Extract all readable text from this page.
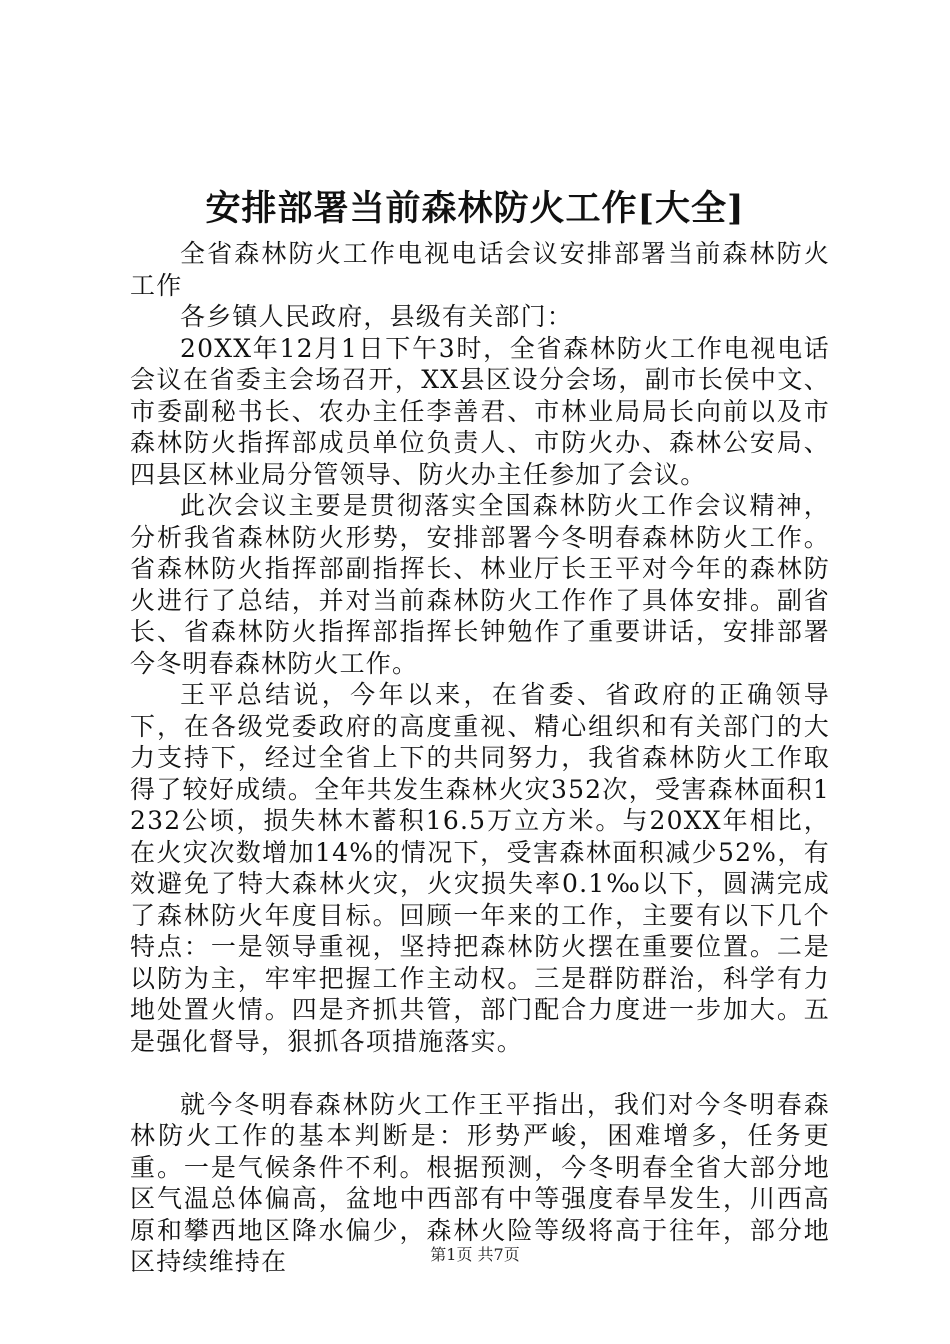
安排部署当前森林防火工作[大全]

全省森林防火工作电视电话会议安排部署当前森林防火工作

各乡镇人民政府，县级有关部门：

20XX年12月1日下午3时，全省森林防火工作电视电话会议在省委主会场召开，XX县区设分会场，副市长侯中文、市委副秘书长、农办主任李善君、市林业局局长向前以及市森林防火指挥部成员单位负责人、市防火办、森林公安局、四县区林业局分管领导、防火办主任参加了会议。

此次会议主要是贯彻落实全国森林防火工作会议精神，分析我省森林防火形势，安排部署今冬明春森林防火工作。省森林防火指挥部副指挥长、林业厅长王平对今年的森林防火进行了总结，并对当前森林防火工作作了具体安排。副省长、省森林防火指挥部指挥长钟勉作了重要讲话，安排部署今冬明春森林防火工作。

王平总结说，今年以来，在省委、省政府的正确领导下，在各级党委政府的高度重视、精心组织和有关部门的大力支持下，经过全省上下的共同努力，我省森林防火工作取得了较好成绩。全年共发生森林火灾352次，受害森林面积1232公顷，损失林木蓄积16.5万立方米。与20XX年相比，在火灾次数增加14%的情况下，受害森林面积减少52%，有效避免了特大森林火灾，火灾损失率0.1‰以下，圆满完成了森林防火年度目标。回顾一年来的工作，主要有以下几个特点：一是领导重视，坚持把森林防火摆在重要位置。二是以防为主，牢牢把握工作主动权。三是群防群治，科学有力地处置火情。四是齐抓共管，部门配合力度进一步加大。五是强化督导，狠抓各项措施落实。

就今冬明春森林防火工作王平指出，我们对今冬明春森林防火工作的基本判断是：形势严峻，困难增多，任务更重。一是气候条件不利。根据预测，今冬明春全省大部分地区气温总体偏高，盆地中西部有中等强度春旱发生，川西高原和攀西地区降水偏少，森林火险等级将高于往年，部分地区持续维持在	第1页 共7页
